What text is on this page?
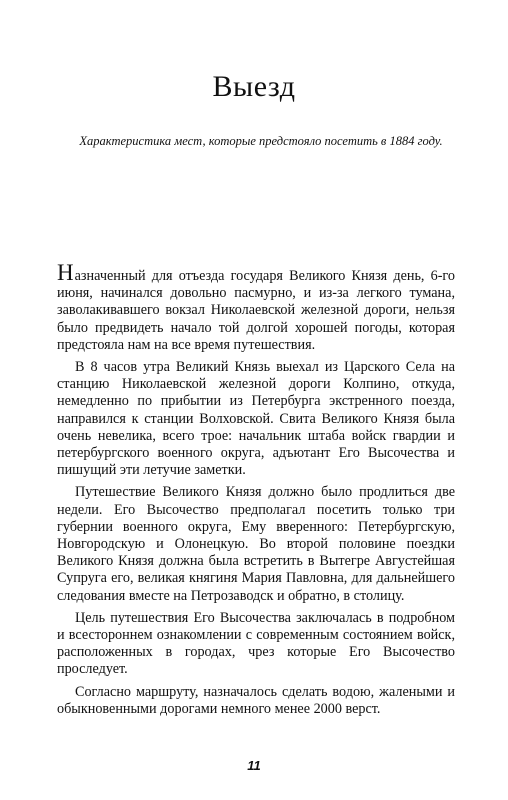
Выезд

Характеристика мест, которые предстояло посетить в 1884 году.

Назначенный для отъезда государя Великого Князя день, 6-го июня, начинался довольно пасмурно, и из-за легкого тумана, заволакивавшего вокзал Николаевской железной дороги, нельзя было предвидеть начало той долгой хорошей погоды, которая предстояла нам на все время путешествия.

В 8 часов утра Великий Князь выехал из Царского Села на станцию Николаевской железной дороги Колпино, откуда, немедленно по прибытии из Петербурга экстренного поезда, направился к станции Волховской. Свита Великого Князя была очень невелика, всего трое: начальник штаба войск гвардии и петербургского военного округа, адъютант Его Высочества и пишущий эти летучие заметки.

Путешествие Великого Князя должно было продлиться две недели. Его Высочество предполагал посетить только три губернии военного округа, Ему вверенного: Петербургскую, Новгородскую и Олонецкую. Во второй половине поездки Великого Князя должна была встретить в Вытегре Августейшая Супруга его, великая княгиня Мария Павловна, для дальнейшего следования вместе на Петрозаводск и обратно, в столицу.

Цель путешествия Его Высочества заключалась в подробном и всестороннем ознакомлении с современным состоянием войск, расположенных в городах, чрез которые Его Высочество проследует.

Согласно маршруту, назначалось сделать водою, жалеными и обыкновенными дорогами немного менее 2000 верст.

11
